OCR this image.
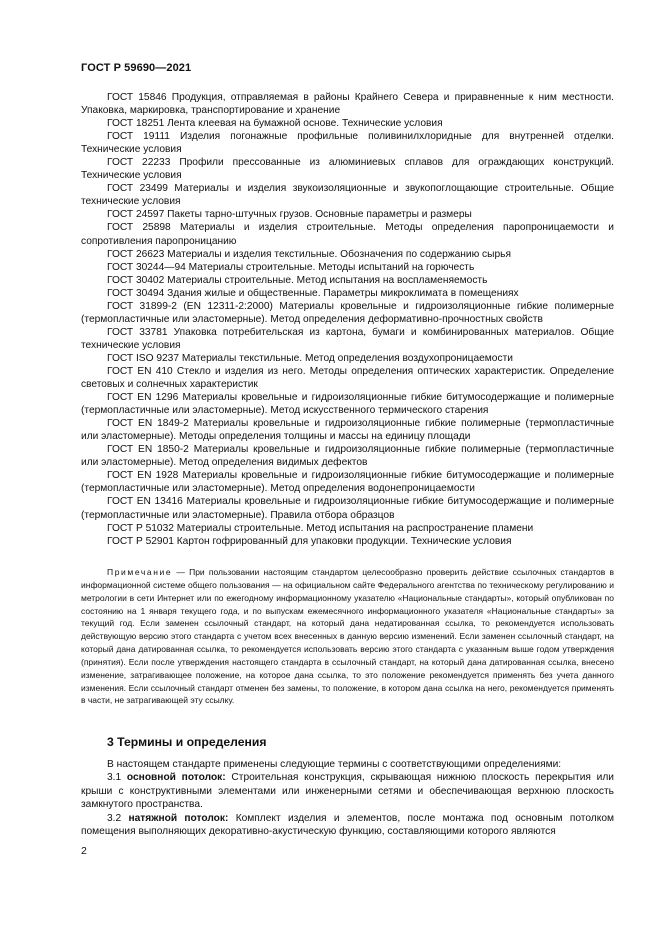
ГОСТ Р 59690—2021

ГОСТ 15846 Продукция, отправляемая в районы Крайнего Севера и приравненные к ним местности. Упаковка, маркировка, транспортирование и хранение

ГОСТ 18251 Лента клеевая на бумажной основе. Технические условия

ГОСТ 19111 Изделия погонажные профильные поливинилхлоридные для внутренней отделки. Технические условия

ГОСТ 22233 Профили прессованные из алюминиевых сплавов для ограждающих конструкций. Технические условия

ГОСТ 23499 Материалы и изделия звукоизоляционные и звукопоглощающие строительные. Общие технические условия

ГОСТ 24597 Пакеты тарно-штучных грузов. Основные параметры и размеры

ГОСТ 25898 Материалы и изделия строительные. Методы определения паропроницаемости и сопротивления паропроницанию

ГОСТ 26623 Материалы и изделия текстильные. Обозначения по содержанию сырья

ГОСТ 30244—94 Материалы строительные. Методы испытаний на горючесть

ГОСТ 30402 Материалы строительные. Метод испытания на воспламеняемость

ГОСТ 30494 Здания жилые и общественные. Параметры микроклимата в помещениях

ГОСТ 31899-2 (EN 12311-2:2000) Материалы кровельные и гидроизоляционные гибкие полимерные (термопластичные или эластомерные). Метод определения деформативно-прочностных свойств

ГОСТ 33781 Упаковка потребительская из картона, бумаги и комбинированных материалов. Общие технические условия

ГОСТ ISO 9237 Материалы текстильные. Метод определения воздухопроницаемости

ГОСТ EN 410 Стекло и изделия из него. Методы определения оптических характеристик. Определение световых и солнечных характеристик

ГОСТ EN 1296 Материалы кровельные и гидроизоляционные гибкие битумосодержащие и полимерные (термопластичные или эластомерные). Метод искусственного термического старения

ГОСТ EN 1849-2 Материалы кровельные и гидроизоляционные гибкие полимерные (термопластичные или эластомерные). Методы определения толщины и массы на единицу площади

ГОСТ EN 1850-2 Материалы кровельные и гидроизоляционные гибкие полимерные (термопластичные или эластомерные). Метод определения видимых дефектов

ГОСТ EN 1928 Материалы кровельные и гидроизоляционные гибкие битумосодержащие и полимерные (термопластичные или эластомерные). Метод определения водонепроницаемости

ГОСТ EN 13416 Материалы кровельные и гидроизоляционные гибкие битумосодержащие и полимерные (термопластичные или эластомерные). Правила отбора образцов

ГОСТ Р 51032 Материалы строительные. Метод испытания на распространение пламени

ГОСТ Р 52901 Картон гофрированный для упаковки продукции. Технические условия

Примечание — При пользовании настоящим стандартом целесообразно проверить действие ссылочных стандартов в информационной системе общего пользования — на официальном сайте Федерального агентства по техническому регулированию и метрологии в сети Интернет или по ежегодному информационному указателю «Национальные стандарты», который опубликован по состоянию на 1 января текущего года, и по выпускам ежемесячного информационного указателя «Национальные стандарты» за текущий год. Если заменен ссылочный стандарт, на который дана недатированная ссылка, то рекомендуется использовать действующую версию этого стандарта с учетом всех внесенных в данную версию изменений. Если заменен ссылочный стандарт, на который дана датированная ссылка, то рекомендуется использовать версию этого стандарта с указанным выше годом утверждения (принятия). Если после утверждения настоящего стандарта в ссылочный стандарт, на который дана датированная ссылка, внесено изменение, затрагивающее положение, на которое дана ссылка, то это положение рекомендуется применять без учета данного изменения. Если ссылочный стандарт отменен без замены, то положение, в котором дана ссылка на него, рекомендуется применять в части, не затрагивающей эту ссылку.

3 Термины и определения

В настоящем стандарте применены следующие термины с соответствующими определениями:

3.1 основной потолок: Строительная конструкция, скрывающая нижнюю плоскость перекрытия или крыши с конструктивными элементами или инженерными сетями и обеспечивающая верхнюю плоскость замкнутого пространства.

3.2 натяжной потолок: Комплект изделия и элементов, после монтажа под основным потолком помещения выполняющих декоративно-акустическую функцию, составляющими которого являются

2
